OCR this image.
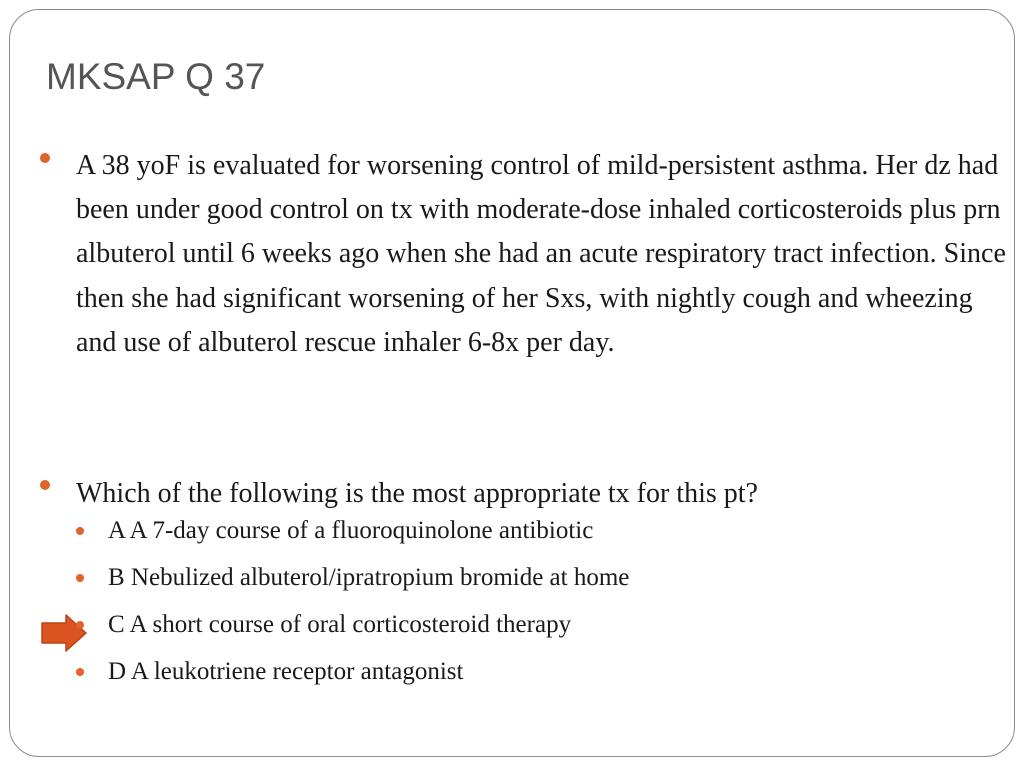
MKSAP Q 37

A 38 yoF is evaluated for worsening control of mild-persistent asthma. Her dz had been under good control on tx with moderate-dose inhaled corticosteroids plus prn albuterol until 6 weeks ago when she had an acute respiratory tract infection. Since then she had significant worsening of her Sxs, with nightly cough and wheezing and use of albuterol rescue inhaler 6-8x per day.

Which of the following is the most appropriate tx for this pt?

A A 7-day course of a fluoroquinolone antibiotic

B Nebulized albuterol/ipratropium bromide at home

C A short course of oral corticosteroid therapy

D A leukotriene receptor antagonist
